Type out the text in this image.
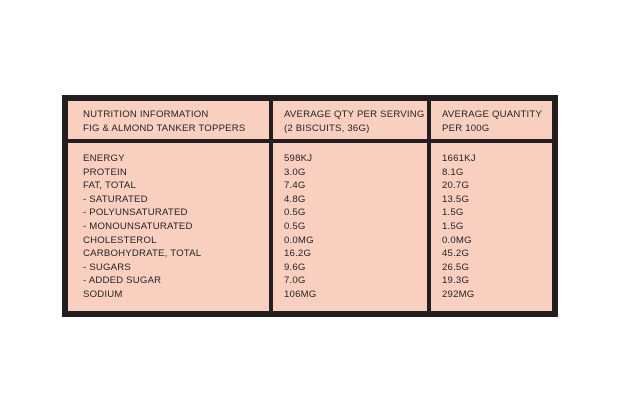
NUTRITION INFORMATION
FIG & ALMOND TANKER TOPPERS
AVERAGE QTY PER SERVING
(2 BISCUITS, 36G)
AVERAGE QUANTITY
PER 100G
ENERGY
PROTEIN
FAT, TOTAL
- SATURATED
- POLYUNSATURATED
- MONOUNSATURATED
CHOLESTEROL
CARBOHYDRATE, TOTAL
- SUGARS
- ADDED SUGAR
SODIUM
598KJ
3.0G
7.4G
4.8G
0.5G
0.5G
0.0MG
16.2G
9.6G
7.0G
106MG
1661KJ
8.1G
20.7G
13.5G
1.5G
1.5G
0.0MG
45.2G
26.5G
19.3G
292MG
